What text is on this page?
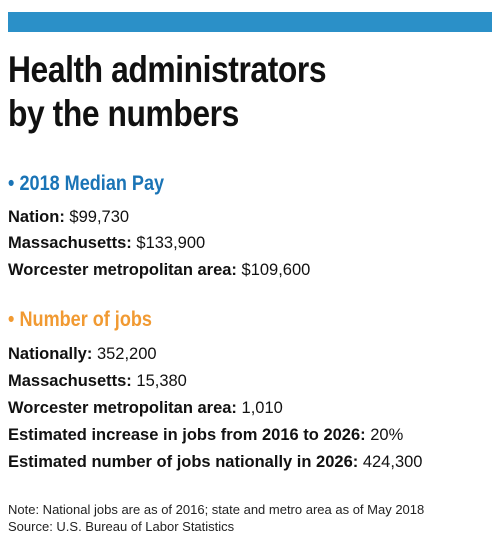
Health administrators
by the numbers
• 2018 Median Pay
Nation: $99,730
Massachusetts: $133,900
Worcester metropolitan area: $109,600
• Number of jobs
Nationally: 352,200
Massachusetts: 15,380
Worcester metropolitan area: 1,010
Estimated increase in jobs from 2016 to 2026: 20%
Estimated number of jobs nationally in 2026: 424,300
Note: National jobs are as of 2016; state and metro area as of May 2018
Source: U.S. Bureau of Labor Statistics
